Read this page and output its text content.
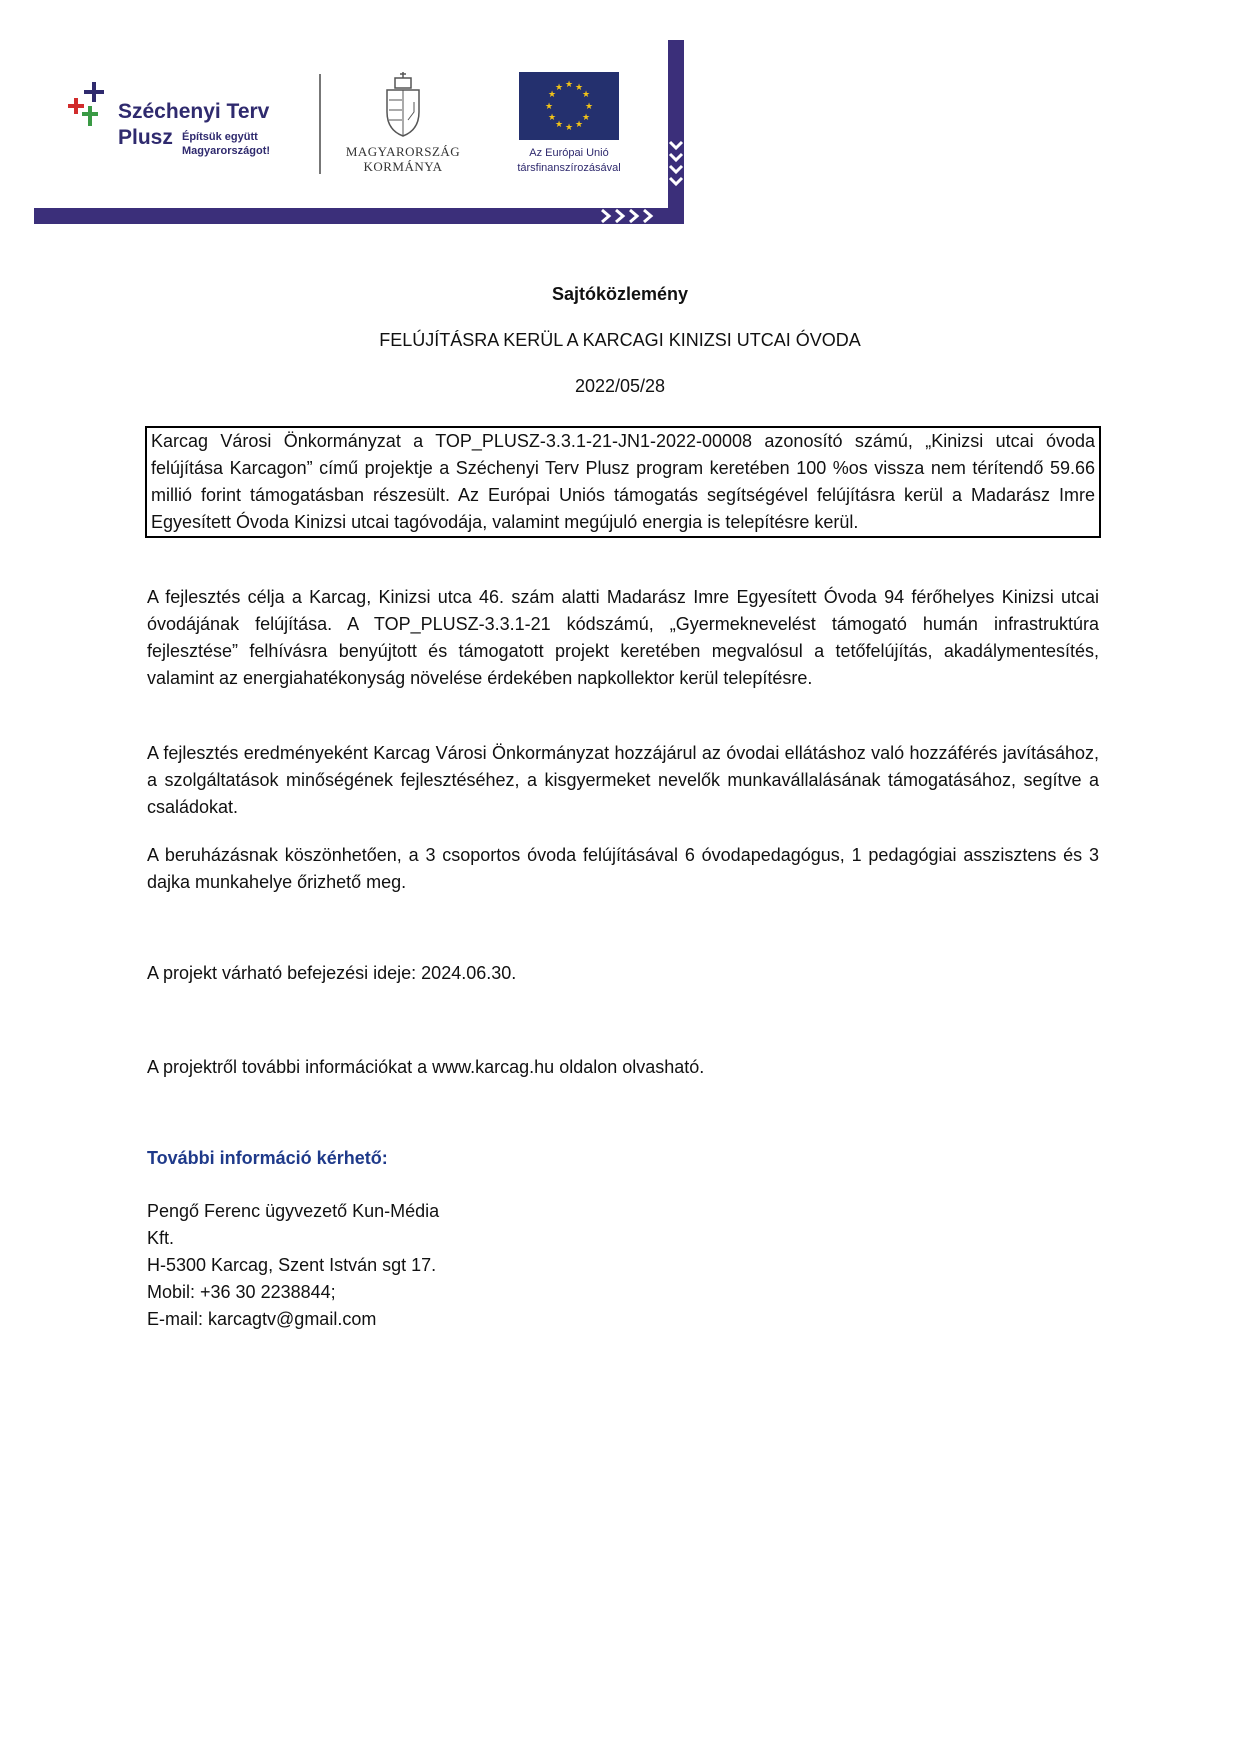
Széchenyi Terv
Plusz Építsük együtt
Magyarországot!	MAGYARORSZÁG
KORMÁNYA
★ ★
★
★
★
★
★
★
★
★
★
★
Az Európai Unió
társfinanszírozásával
Sajtóközlemény
FELÚJÍTÁSRA KERÜL A KARCAGI KINIZSI UTCAI ÓVODA
2022/05/28
Karcag Városi Önkormányzat a TOP_PLUSZ-3.3.1-21-JN1-2022-00008 azonosító számú, „Kinizsi utcai óvoda felújítása Karcagon” című projektje a Széchenyi Terv Plusz program keretében 100 %os vissza nem térítendő 59.66 millió forint támogatásban részesült. Az Európai Uniós támogatás segítségével felújításra kerül a Madarász Imre Egyesített Óvoda Kinizsi utcai tagóvodája, valamint megújuló energia is telepítésre kerül.
A fejlesztés célja a Karcag, Kinizsi utca 46. szám alatti Madarász Imre Egyesített Óvoda 94 férőhelyes Kinizsi utcai óvodájának felújítása. A TOP_PLUSZ-3.3.1-21 kódszámú, „Gyermeknevelést támogató humán infrastruktúra fejlesztése” felhívásra benyújtott és támogatott projekt keretében megvalósul a tetőfelújítás, akadálymentesítés, valamint az energiahatékonyság növelése érdekében napkollektor kerül telepítésre.
A fejlesztés eredményeként Karcag Városi Önkormányzat hozzájárul az óvodai ellátáshoz való hozzáférés javításához, a szolgáltatások minőségének fejlesztéséhez, a kisgyermeket nevelők munkavállalásának támogatásához, segítve a családokat.
A beruházásnak köszönhetően, a 3 csoportos óvoda felújításával 6 óvodapedagógus, 1 pedagógiai asszisztens és 3 dajka munkahelye őrizhető meg.
A projekt várható befejezési ideje: 2024.06.30.
A projektről további információkat a www.karcag.hu oldalon olvasható.
További információ kérhető:
Pengő Ferenc ügyvezető Kun-Média
Kft.
H-5300 Karcag, Szent István sgt 17.
Mobil: +36 30 2238844;
E-mail: karcagtv@gmail.com
